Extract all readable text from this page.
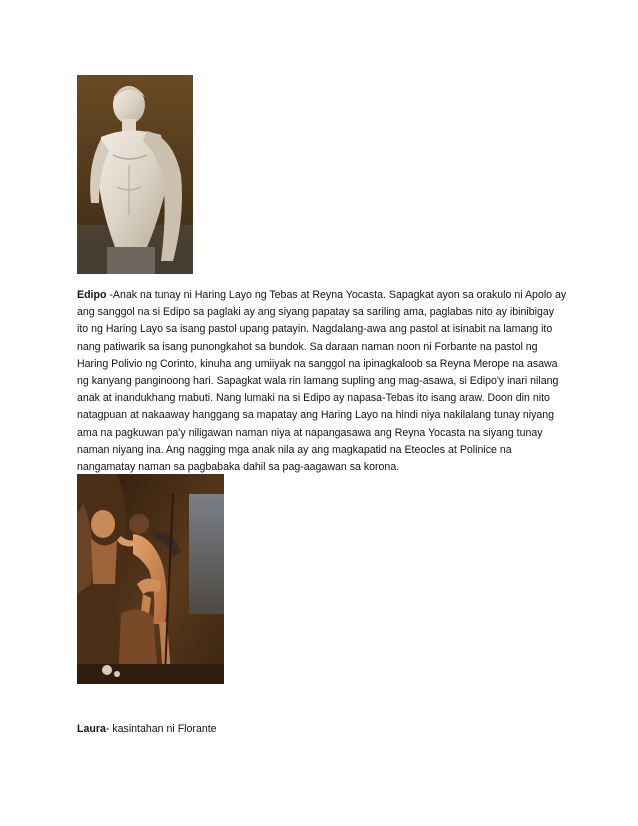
Edipo -Anak na tunay ni Haring Layo ng Tebas at Reyna Yocasta. Sapagkat ayon sa orakulo ni Apolo ay ang sanggol na si Edipo sa paglaki ay ang siyang papatay sa sariling ama, paglabas nito ay ibinibigay ito ng Haring Layo sa isang pastol upang patayin. Nagdalang-awa ang pastol at isinabit na lamang ito nang patiwarik sa isang punongkahot sa bundok. Sa daraan naman noon ni Forbante na pastol ng Haring Polivio ng Corinto, kinuha ang umiiyak na sanggol na ipinagkaloob sa Reyna Merope na asawa ng kanyang panginoong hari. Sapagkat wala rin lamang supling ang mag-asawa, si Edipo'y inari nilang anak at inandukhang mabuti. Nang lumaki na si Edipo ay napasa-Tebas ito isang araw. Doon din nito natagpuan at nakaaway hanggang sa mapatay ang Haring Layo na hindi niya nakilalang tunay niyang ama na pagkuwan pa'y niligawan naman niya at napangasawa ang Reyna Yocasta na siyang tunay naman niyang ina. Ang nagging mga anak nila ay ang magkapatid na Eteocles at Polinice na nangamatay naman sa pagbabaka dahil sa pag-aagawan sa korona.

Laura- kasintahan ni Florante
